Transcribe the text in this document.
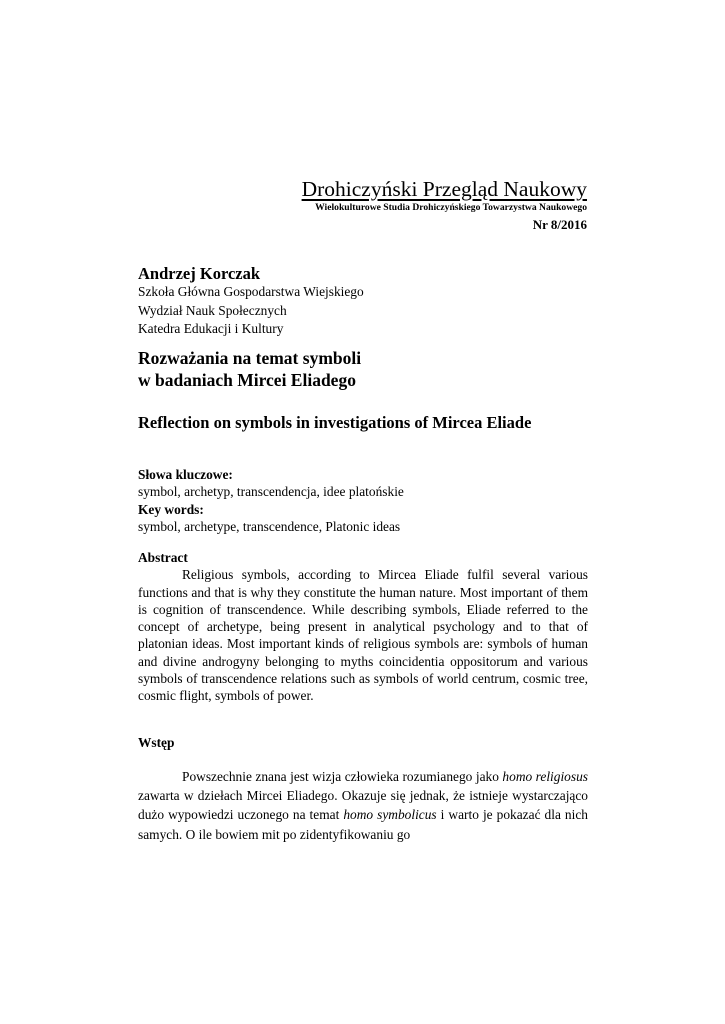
Drohiczyński Przegląd Naukowy
Wielokulturowe Studia Drohiczyńskiego Towarzystwa Naukowego
Nr 8/2016
Andrzej Korczak
Szkoła Główna Gospodarstwa Wiejskiego
Wydział Nauk Społecznych
Katedra Edukacji i Kultury
Rozważania na temat symboli
w badaniach Mircei Eliadego
Reflection on symbols in investigations of Mircea Eliade
Słowa kluczowe:
symbol, archetyp, transcendencja, idee platońskie
Key words:
symbol, archetype, transcendence, Platonic ideas
Abstract
Religious symbols, according to Mircea Eliade fulfil several various functions and that is why they constitute the human nature. Most important of them is cognition of transcendence. While describing symbols, Eliade referred to the concept of archetype, being present in analytical psychology and to that of platonian ideas. Most important kinds of religious symbols are: symbols of human and divine androgyny belonging to myths coincidentia oppositorum and various symbols of transcendence relations such as symbols of world centrum, cosmic tree, cosmic flight, symbols of power.
Wstęp

Powszechnie znana jest wizja człowieka rozumianego jako homo religiosus zawarta w dziełach Mircei Eliadego. Okazuje się jednak, że istnieje wystarczająco dużo wypowiedzi uczonego na temat homo symbolicus i warto je pokazać dla nich samych. O ile bowiem mit po zidentyfikowaniu go
